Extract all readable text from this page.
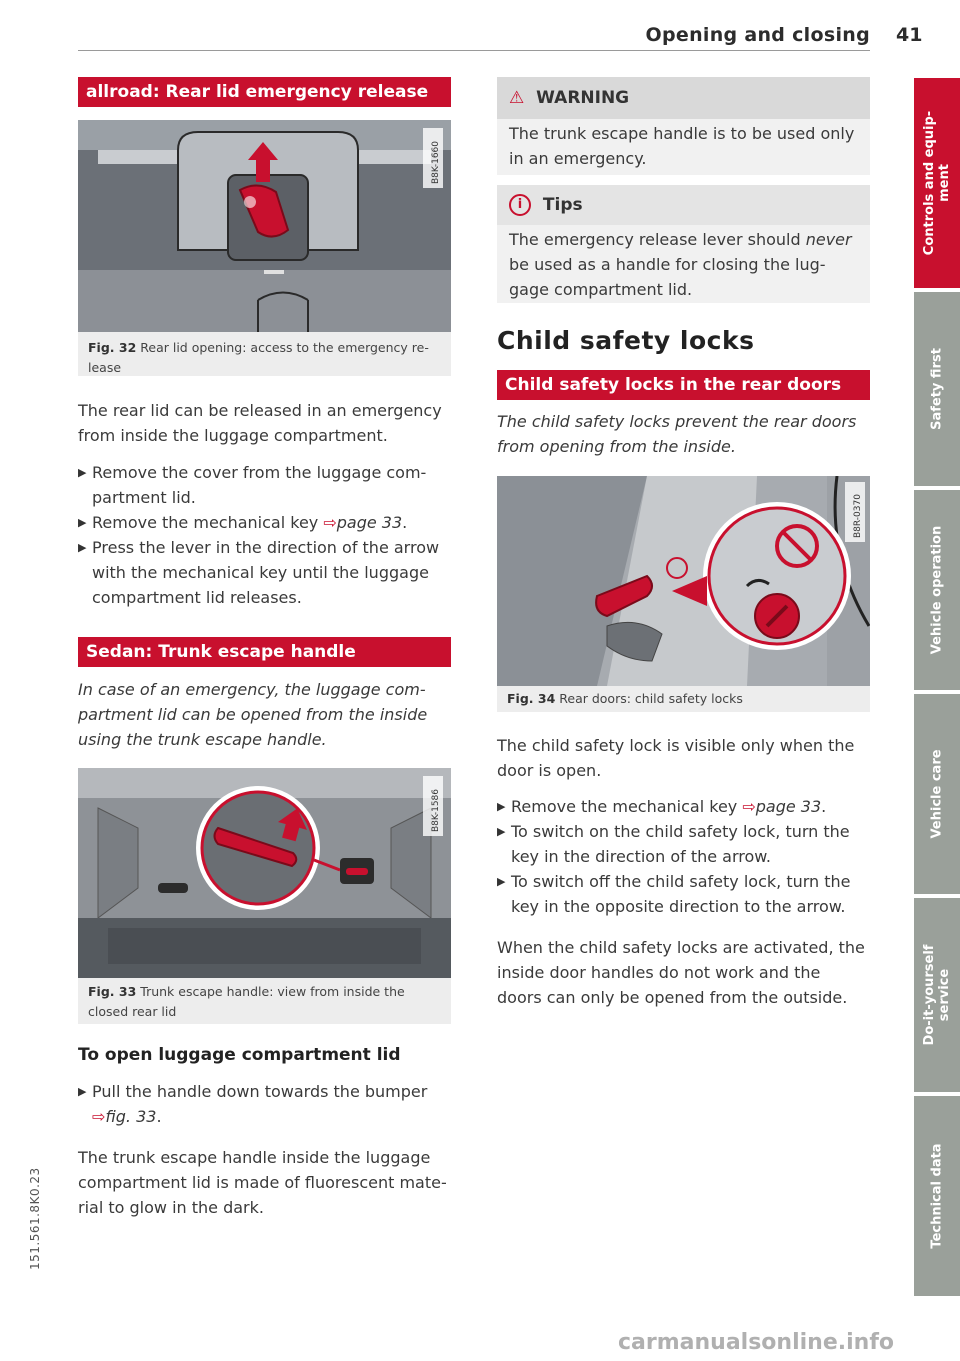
Opening and closing 41
allroad: Rear lid emergency release
B8K-1660
Fig. 32 Rear lid opening: access to the emergency re-lease
The rear lid can be released in an emergency from inside the luggage compartment.
▶ Remove the cover from the luggage com-partment lid.
▶ Remove the mechanical key ⇨page 33.
▶ Press the lever in the direction of the arrow with the mechanical key until the luggage compartment lid releases.
Sedan: Trunk escape handle
In case of an emergency, the luggage com-partment lid can be opened from the inside using the trunk escape handle.
B8K-1586
Fig. 33 Trunk escape handle: view from inside the closed rear lid
To open luggage compartment lid
▶ Pull the handle down towards the bumper
⇨fig. 33.
The trunk escape handle inside the luggage compartment lid is made of fluorescent mate-rial to glow in the dark.
⚠ WARNING
The trunk escape handle is to be used only in an emergency.
i Tips
The emergency release lever should never be used as a handle for closing the lug-gage compartment lid.
Child safety locks
Child safety locks in the rear doors
The child safety locks prevent the rear doors from opening from the inside.
B8R-0370
Fig. 34 Rear doors: child safety locks
The child safety lock is visible only when the door is open.
▶ Remove the mechanical key ⇨page 33.
▶ To switch on the child safety lock, turn the key in the direction of the arrow.
▶ To switch off the child safety lock, turn the key in the opposite direction to the arrow.
When the child safety locks are activated, the inside door handles do not work and the doors can only be opened from the outside.
Controls and equip-ment
Safety first
Vehicle operation
Vehicle care
Do-it-yourself service
Technical data
151.561.8K0.23
carmanualsonline.info
